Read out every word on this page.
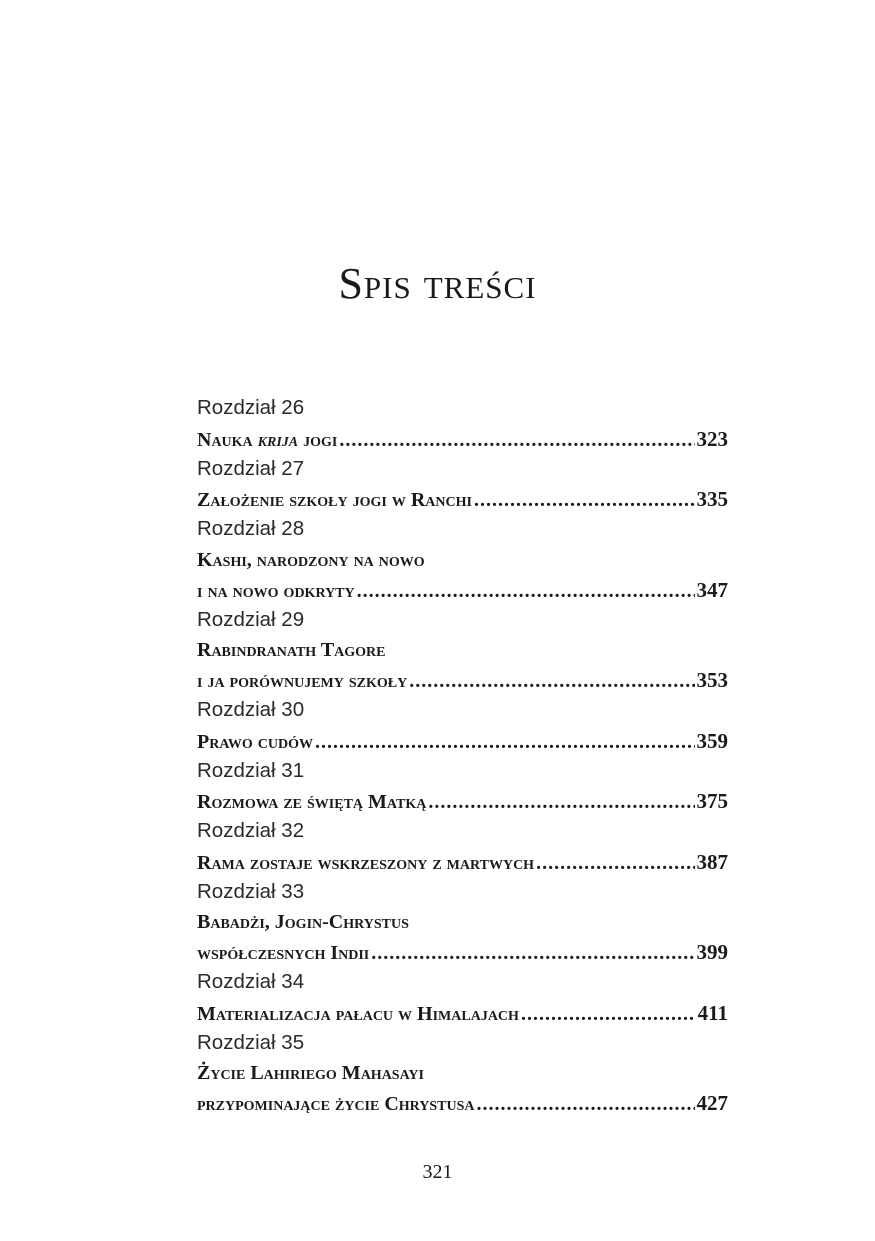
Spis treści
Rozdział 26
Nauka krija jogi .....	323
Rozdział 27
Założenie szkoły jogi w Ranchi .....	335
Rozdział 28
Kashi, narodzony na nowo
i na nowo odkryty .....	347
Rozdział 29
Rabindranath Tagore
i ja porównujemy szkoły .....	353
Rozdział 30
Prawo cudów .....	359
Rozdział 31
Rozmowa ze świętą Matką .....	375
Rozdział 32
Rama zostaje wskrzeszony z martwych .....	387
Rozdział 33
Babadżi, Jogin-Chrystus
współczesnych Indii .....	399
Rozdział 34
Materializacja pałacu w Himalajach .....	411
Rozdział 35
Życie Lahiriego Mahasayi
przypominające życie Chrystusa .....	427
321
